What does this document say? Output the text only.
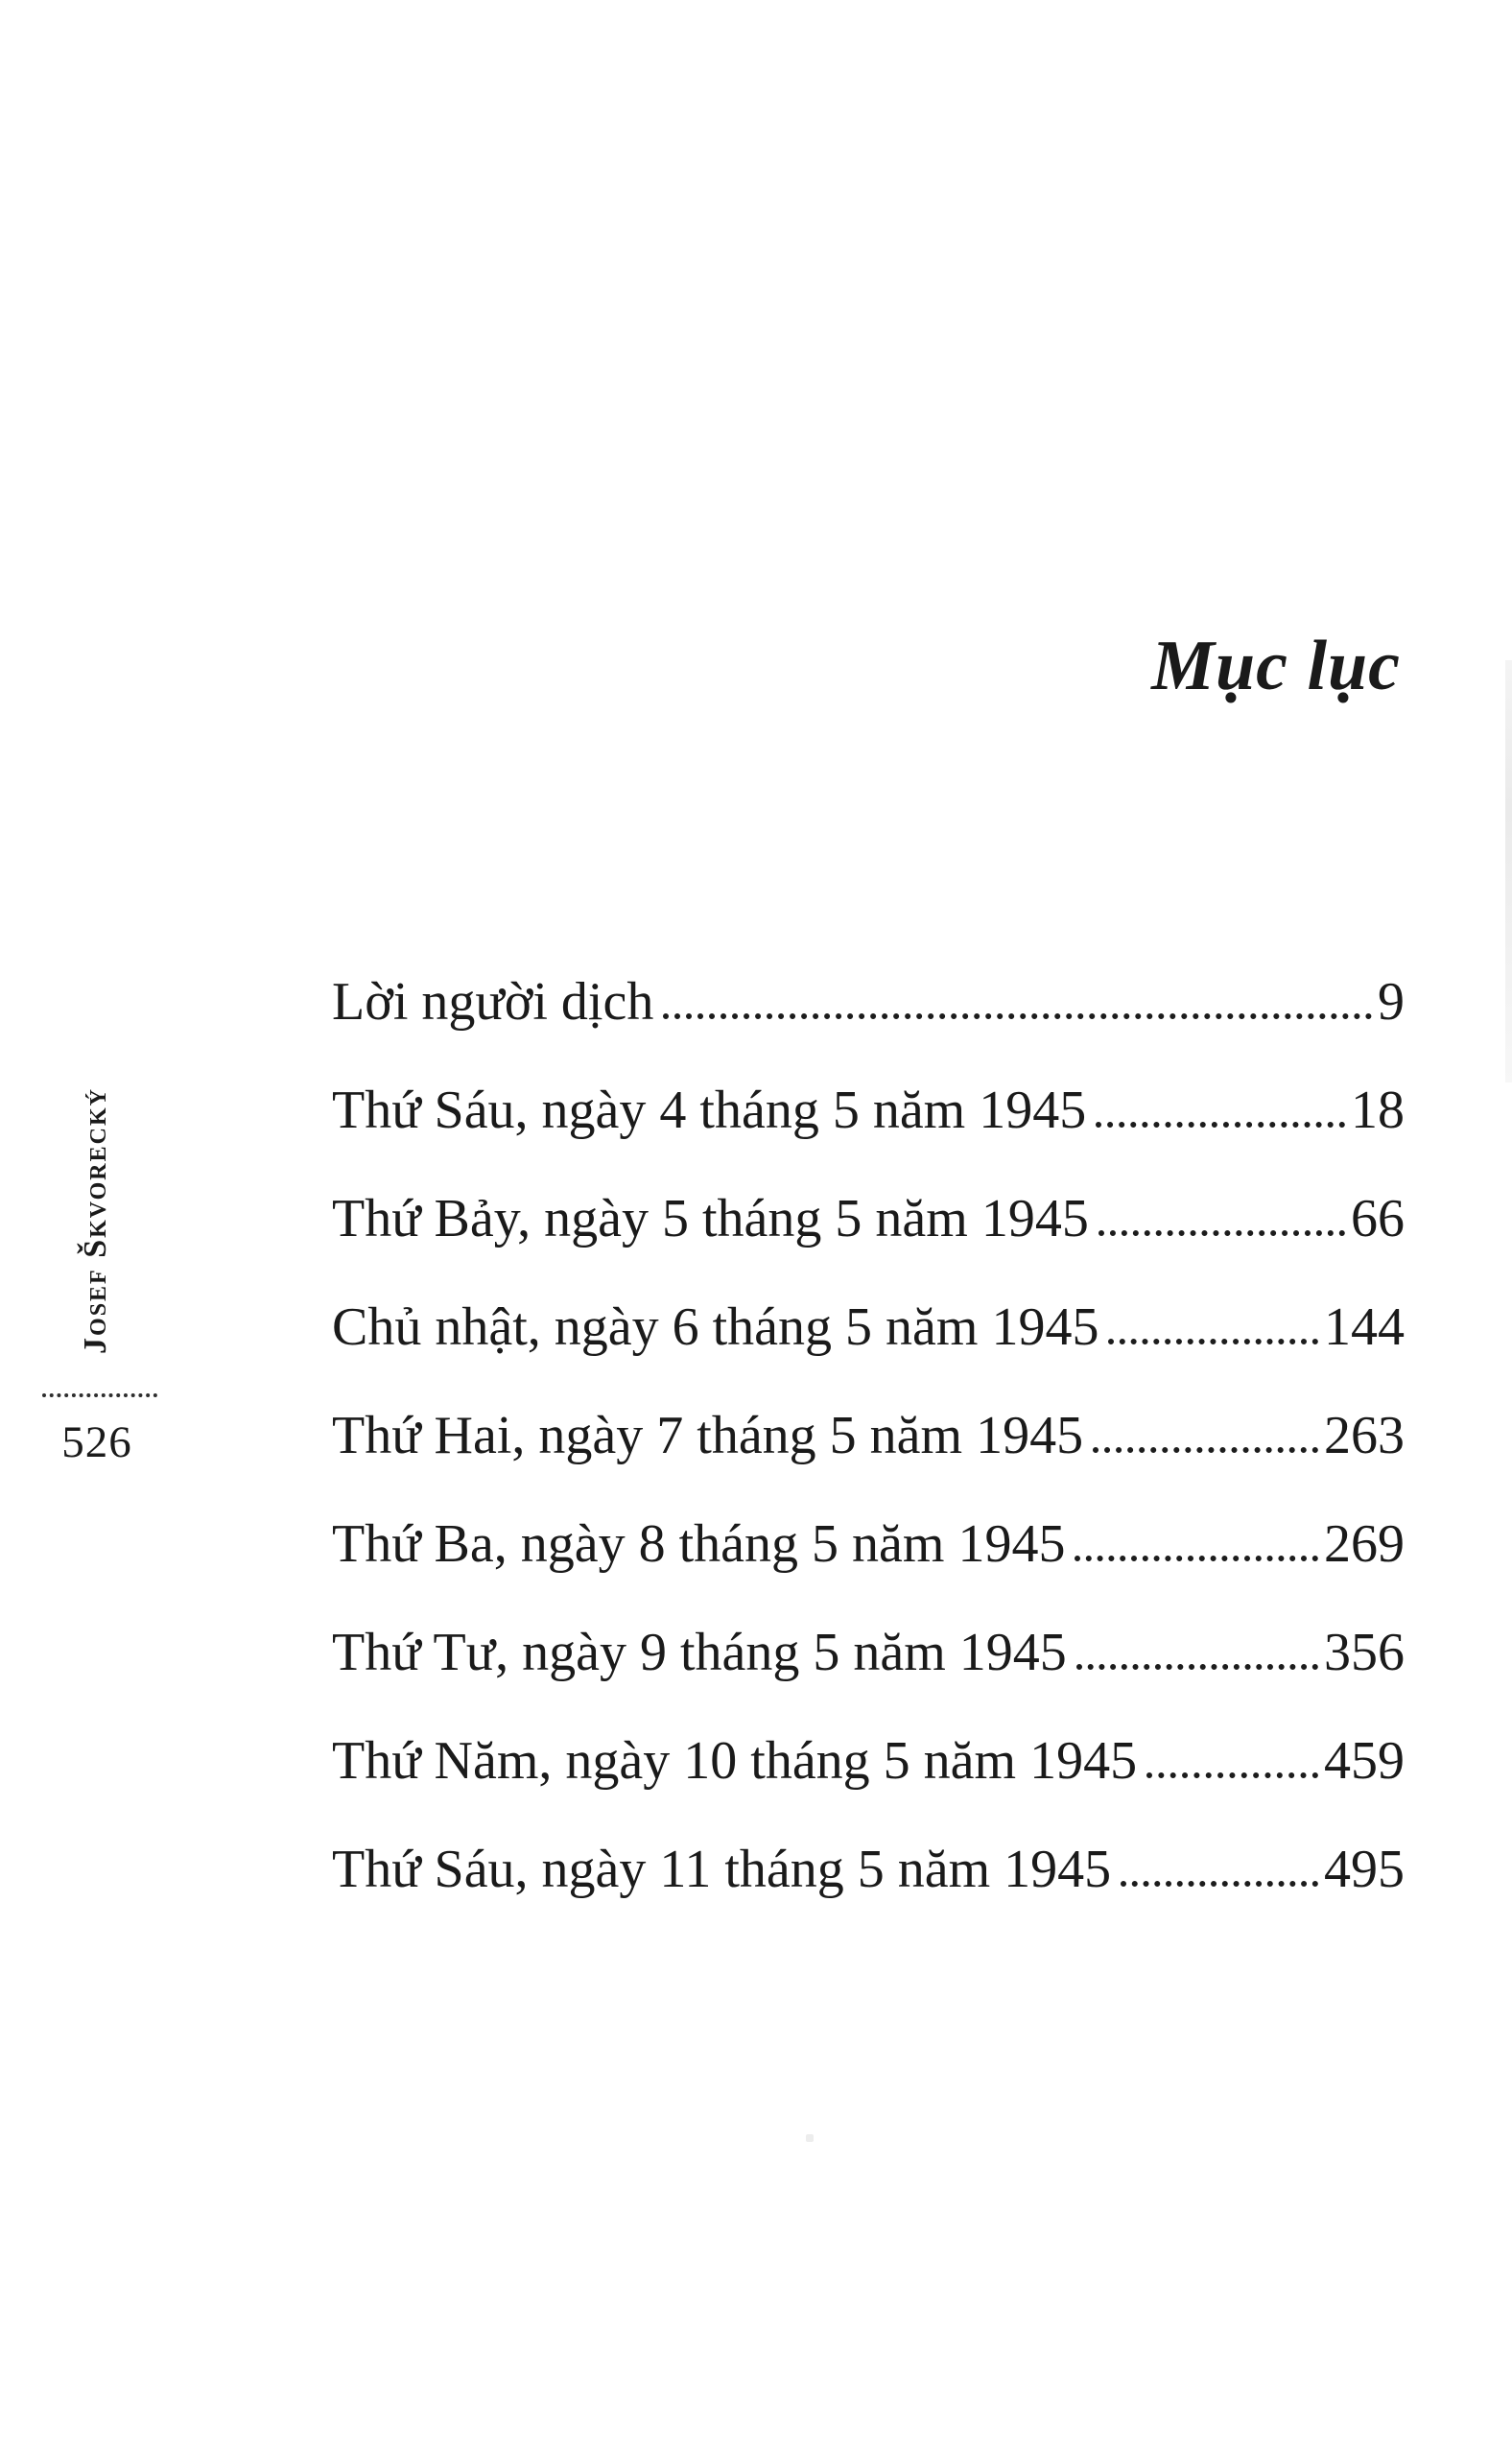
Mục lục
Lời người dịch	9
Thứ Sáu, ngày 4 tháng 5 năm 1945	18
Thứ Bảy, ngày 5 tháng 5 năm 1945	66
Chủ nhật, ngày 6 tháng 5 năm 1945	144
Thứ Hai, ngày 7 tháng 5 năm 1945	263
Thứ Ba, ngày 8 tháng 5 năm 1945	269
Thứ Tư, ngày 9 tháng 5 năm 1945	356
Thứ Năm, ngày 10 tháng 5 năm 1945	459
Thứ Sáu, ngày 11 tháng 5 năm 1945	495
Josef Škvorecký
526
